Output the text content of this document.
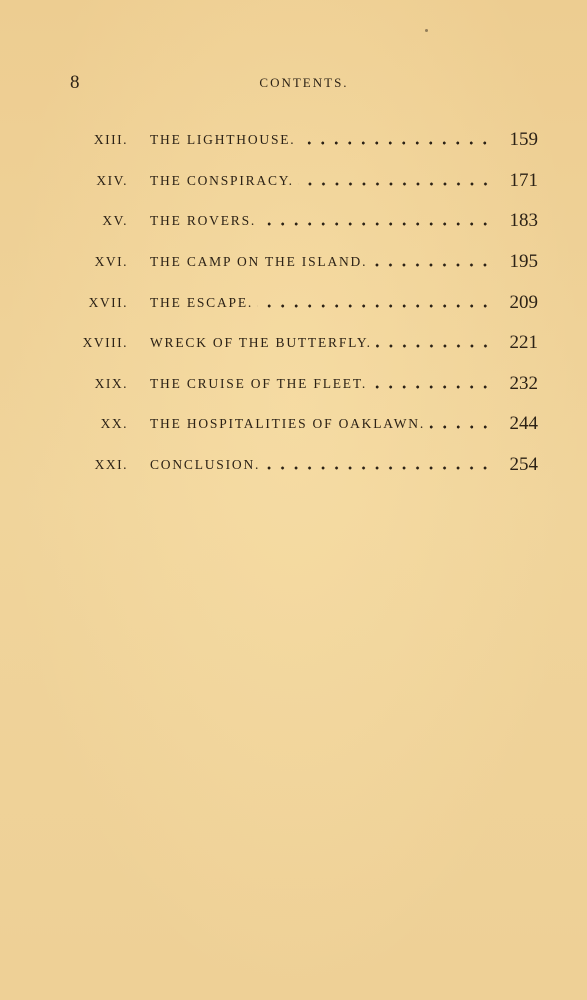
8	CONTENTS.
XIII. THE LIGHTHOUSE.	159
XIV. THE CONSPIRACY.	171
XV. THE ROVERS.	183
XVI. THE CAMP ON THE ISLAND.	195
XVII. THE ESCAPE.	209
XVIII. WRECK OF THE BUTTERFLY.	221
XIX. THE CRUISE OF THE FLEET.	232
XX. THE HOSPITALITIES OF OAKLAWN.	244
XXI. CONCLUSION.	254
